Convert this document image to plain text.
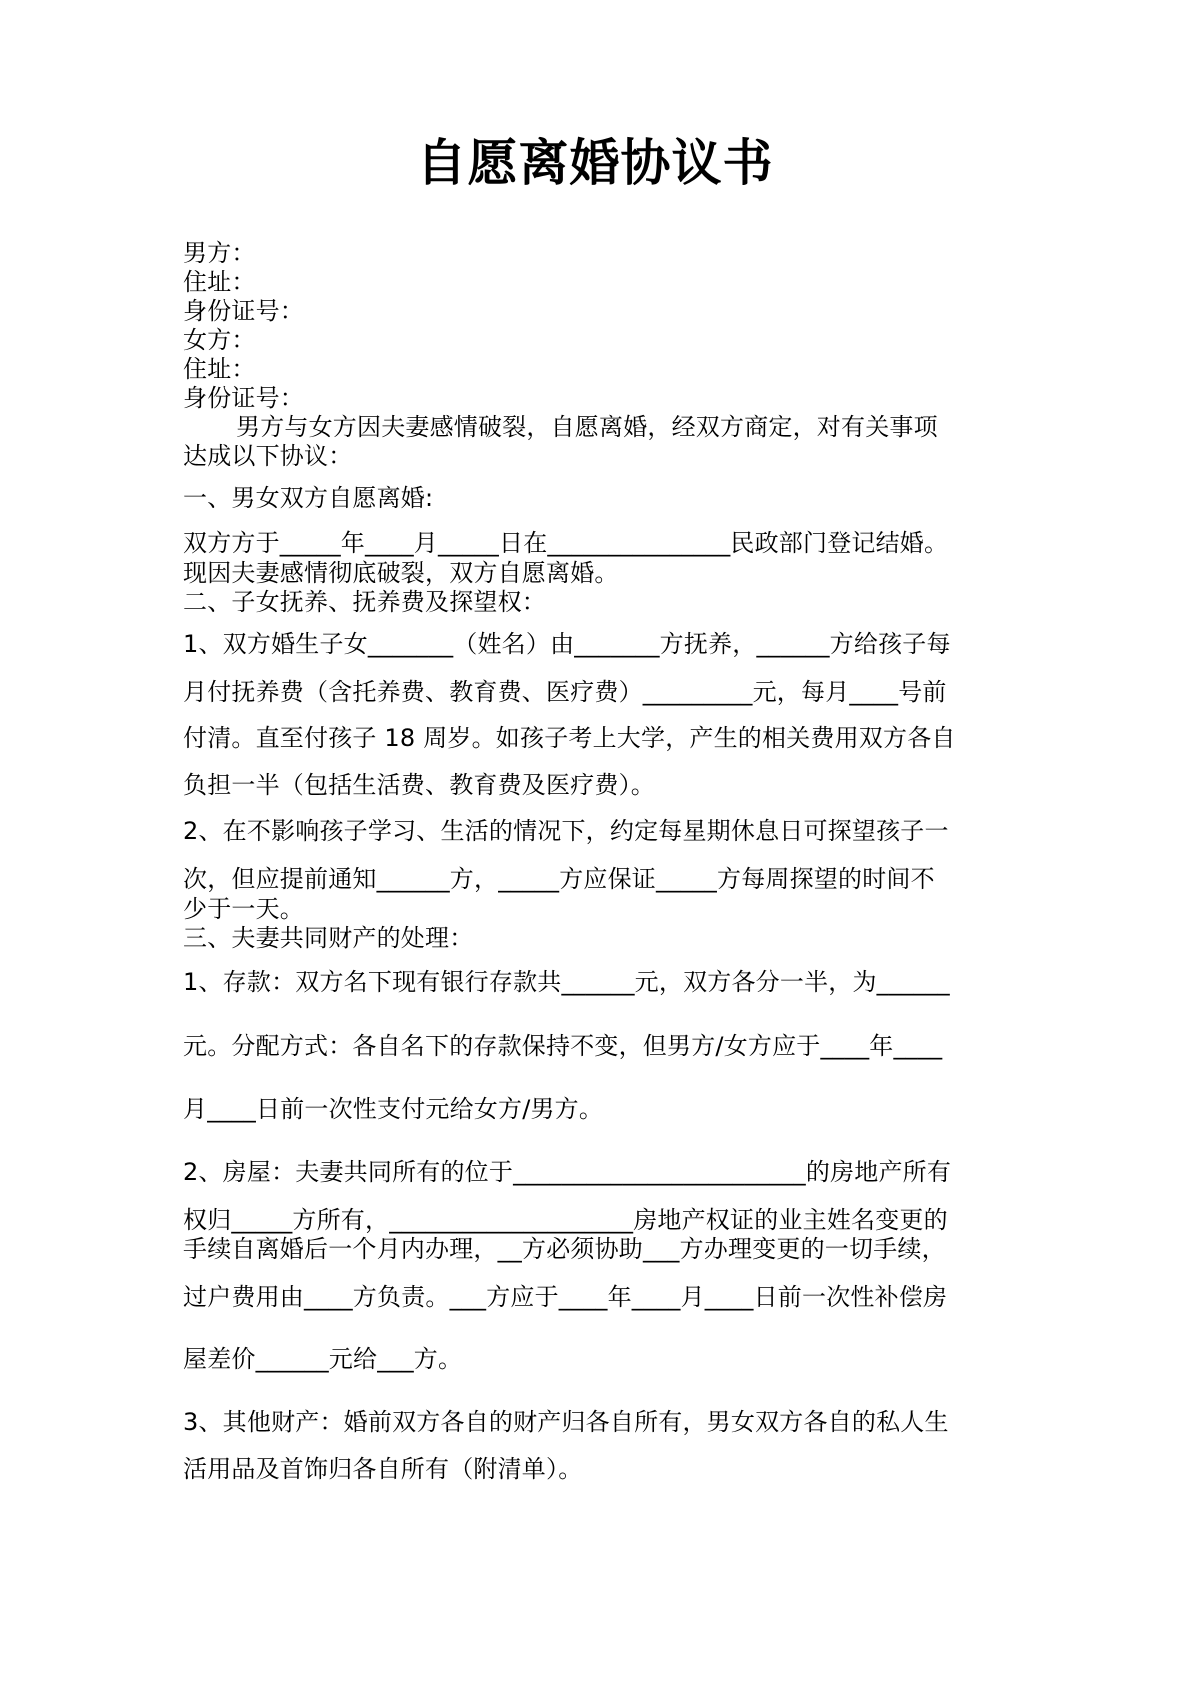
自愿离婚协议书

男方：

住址：

身份证号：

女方：

住址：

身份证号：

男方与女方因夫妻感情破裂，自愿离婚，经双方商定，对有关事项

达成以下协议：

一、男女双方自愿离婚:

双方方于_____年____月_____日在_______________民政部门登记结婚。

现因夫妻感情彻底破裂，双方自愿离婚。

二、子女抚养、抚养费及探望权：

1、双方婚生子女_______（姓名）由_______方抚养，______方给孩子每

月付抚养费（含托养费、教育费、医疗费）_________元，每月____号前

付清。直至付孩子 18 周岁。如孩子考上大学，产生的相关费用双方各自

负担一半（包括生活费、教育费及医疗费）。

2、在不影响孩子学习、生活的情况下，约定每星期休息日可探望孩子一

次，但应提前通知______方，_____方应保证_____方每周探望的时间不

少于一天。

三、夫妻共同财产的处理：

1、存款：双方名下现有银行存款共______元，双方各分一半，为______

元。分配方式：各自名下的存款保持不变，但男方/女方应于____年____

月____日前一次性支付元给女方/男方。

2、房屋：夫妻共同所有的位于________________________的房地产所有

权归_____方所有，____________________房地产权证的业主姓名变更的

手续自离婚后一个月内办理，__方必须协助___方办理变更的一切手续，

过户费用由____方负责。___方应于____年____月____日前一次性补偿房

屋差价______元给___方。

3、其他财产：婚前双方各自的财产归各自所有，男女双方各自的私人生

活用品及首饰归各自所有（附清单）。
